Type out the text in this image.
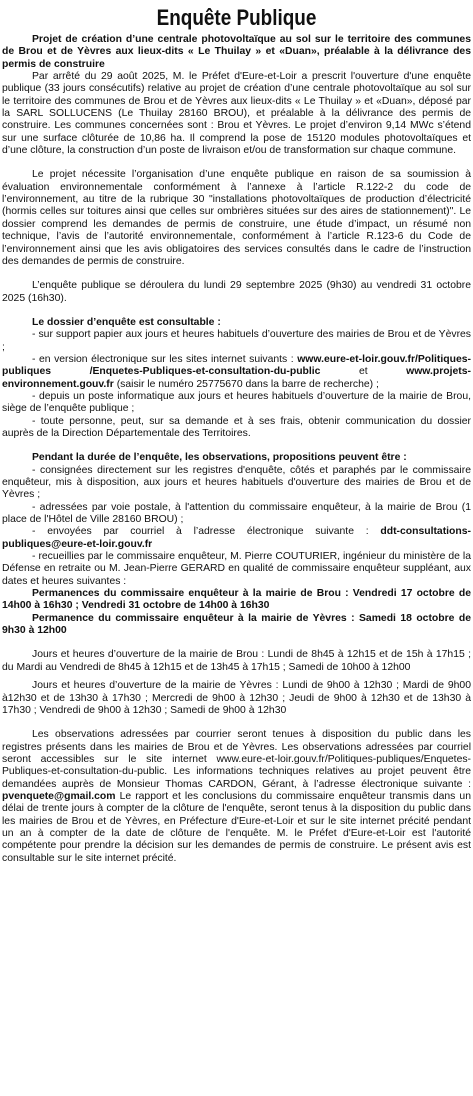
Enquête Publique

Projet de création d’une centrale photovoltaïque au sol sur le territoire des communes de Brou et de Yèvres aux lieux-dits « Le Thuilay » et «Duan», préalable à la délivrance des permis de construire

Par arrêté du 29 août 2025, M. le Préfet d'Eure-et-Loir a prescrit l'ouverture d'une enquête publique (33 jours consécutifs) relative au projet de création d’une centrale photovoltaïque au sol sur le territoire des communes de Brou et de Yèvres aux lieux-dits « Le Thuilay » et «Duan», déposé par la SARL SOLLUCENS (Le Thuilay 28160 BROU), et préalable à la délivrance des permis de construire. Les communes concernées sont : Brou et Yèvres. Le projet d’environ 9,14 MWc s’étend sur une surface clôturée de 10,86 ha. Il comprend la pose de 15120 modules photovoltaïques et d’une clôture, la construction d’un poste de livraison et/ou de transformation sur chaque commune.

Le projet nécessite l’organisation d’une enquête publique en raison de sa soumission à évaluation environnementale conformément à l’annexe à l’article R.122-2 du code de l’environnement, au titre de la rubrique 30 "installations photovoltaïques de production d’électricité (hormis celles sur toitures ainsi que celles sur ombrières situées sur des aires de stationnement)". Le dossier comprend les demandes de permis de construire, une étude d’impact, un résumé non technique, l’avis de l’autorité environnementale, conformément à l’article R.123-6 du Code de l’environnement ainsi que les avis obligatoires des services consultés dans le cadre de l’instruction des demandes de permis de construire.

L’enquête publique se déroulera du lundi 29 septembre 2025 (9h30) au vendredi 31 octobre 2025 (16h30).

Le dossier d’enquête est consultable :

- sur support papier aux jours et heures habituels d’ouverture des mairies de Brou et de Yèvres ;

- en version électronique sur les sites internet suivants : www.eure-et-loir.gouv.fr/Politiques-publiques /Enquetes-Publiques-et-consultation-du-public et www.projets-environnement.gouv.fr (saisir le numéro 25775670 dans la barre de recherche) ;

- depuis un poste informatique aux jours et heures habituels d’ouverture de la mairie de Brou, siège de l’enquête publique ;

- toute personne, peut, sur sa demande et à ses frais, obtenir communication du dossier auprès de la Direction Départementale des Territoires.

Pendant la durée de l’enquête, les observations, propositions peuvent être :

- consignées directement sur les registres d'enquête, côtés et paraphés par le commissaire enquêteur, mis à disposition, aux jours et heures habituels d'ouverture des mairies de Brou et de Yèvres ;

- adressées par voie postale, à l'attention du commissaire enquêteur, à la mairie de Brou (1 place de l'Hôtel de Ville 28160 BROU) ;

- envoyées par courriel à l’adresse électronique suivante : ddt-consultations-publiques@eure-et-loir.gouv.fr

- recueillies par le commissaire enquêteur, M. Pierre COUTURIER, ingénieur du ministère de la Défense en retraite ou M. Jean-Pierre GERARD en qualité de commissaire enquêteur suppléant, aux dates et heures suivantes :

Permanences du commissaire enquêteur à la mairie de Brou : Vendredi 17 octobre de 14h00 à 16h30 ; Vendredi 31 octobre de 14h00 à 16h30

Permanence du commissaire enquêteur à la mairie de Yèvres : Samedi 18 octobre de 9h30 à 12h00

Jours et heures d’ouverture de la mairie de Brou : Lundi de 8h45 à 12h15 et de 15h à 17h15 ; du Mardi au Vendredi de 8h45 à 12h15 et de 13h45 à 17h15 ; Samedi de 10h00 à 12h00

Jours et heures d’ouverture de la mairie de Yèvres : Lundi de 9h00 à 12h30 ; Mardi de 9h00 à12h30 et de 13h30 à 17h30 ; Mercredi de 9h00 à 12h30 ; Jeudi de 9h00 à 12h30 et de 13h30 à 17h30 ; Vendredi de 9h00 à 12h30 ; Samedi de 9h00 à 12h30

Les observations adressées par courrier seront tenues à disposition du public dans les registres présents dans les mairies de Brou et de Yèvres. Les observations adressées par courriel seront accessibles sur le site internet www.eure-et-loir.gouv.fr/Politiques-publiques/Enquetes-Publiques-et-consultation-du-public. Les informations techniques relatives au projet peuvent être demandées auprès de Monsieur Thomas CARDON, Gérant, à l’adresse électronique suivante : pvenquete@gmail.com Le rapport et les conclusions du commissaire enquêteur transmis dans un délai de trente jours à compter de la clôture de l'enquête, seront tenus à la disposition du public dans les mairies de Brou et de Yèvres, en Préfecture d'Eure-et-Loir et sur le site internet précité pendant un an à compter de la date de clôture de l'enquête. M. le Préfet d'Eure-et-Loir est l'autorité compétente pour prendre la décision sur les demandes de permis de construire. Le présent avis est consultable sur le site internet précité.
